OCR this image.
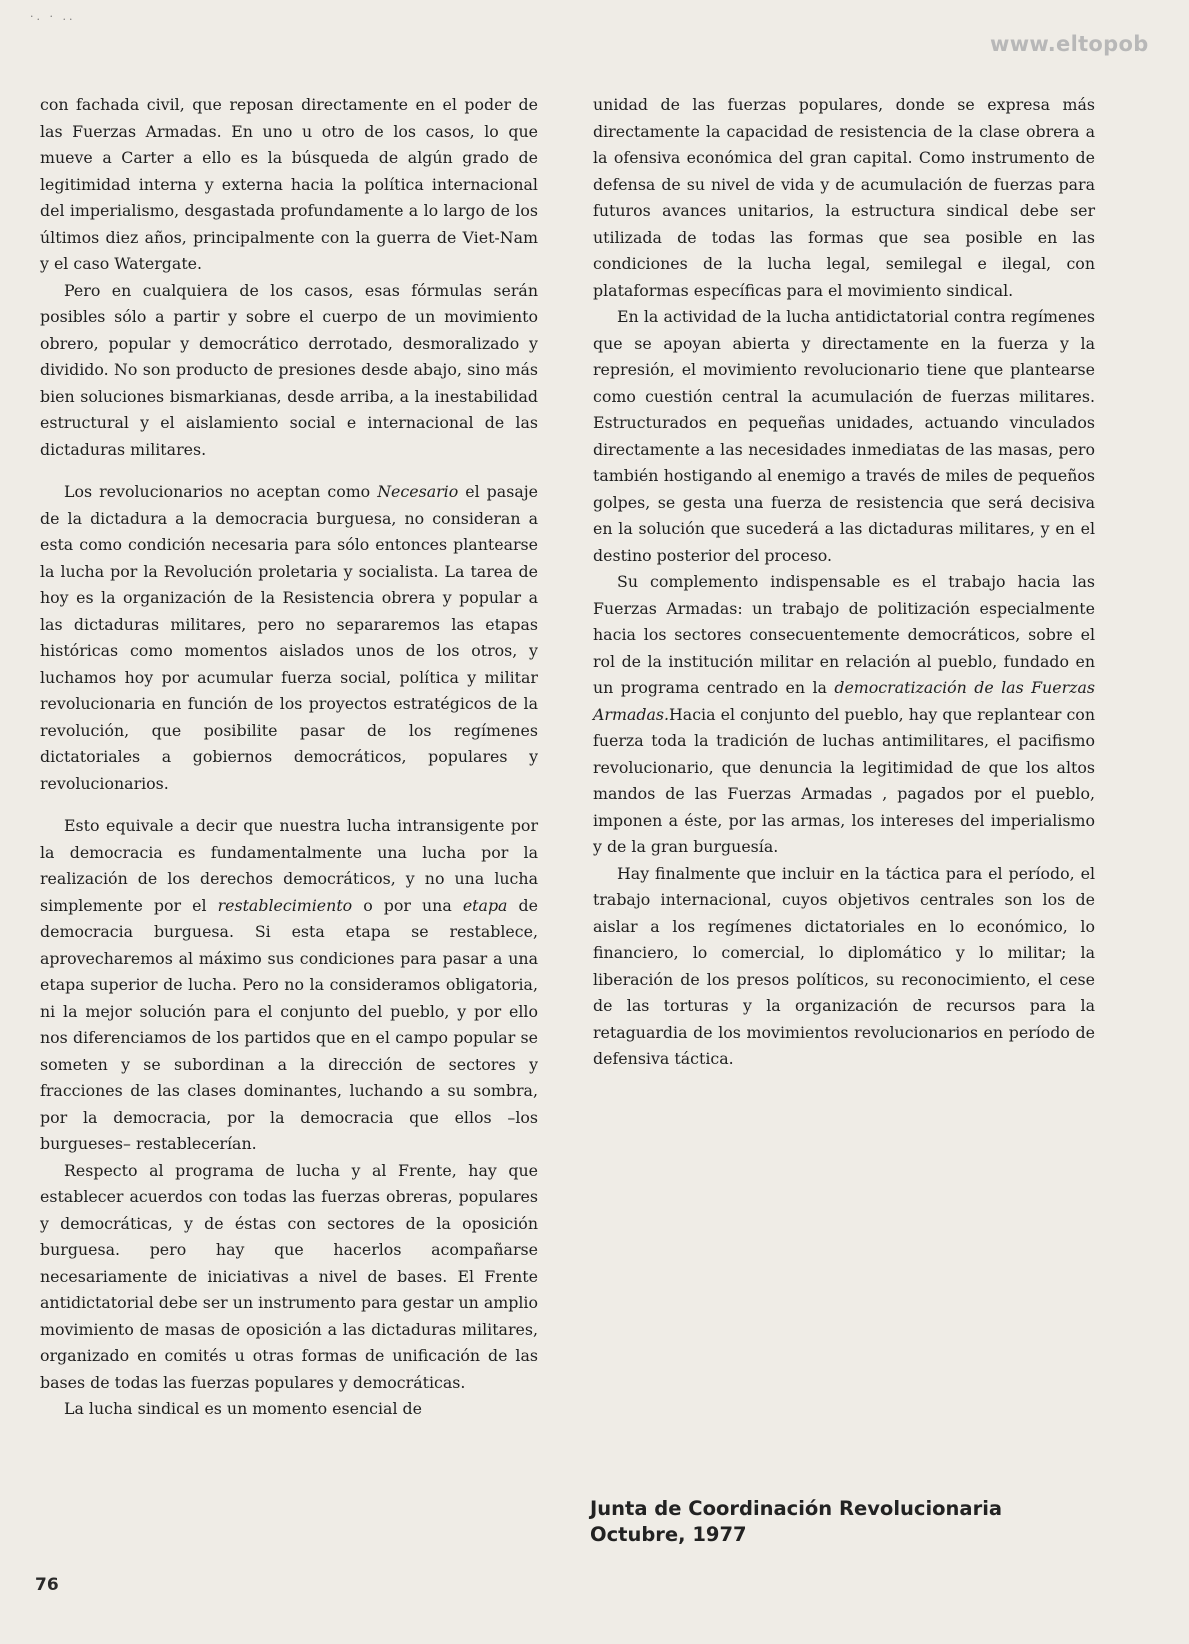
·. · ..
www.eltopob

con fachada civil, que reposan directamente en el poder de las Fuerzas Armadas. En uno u otro de los casos, lo que mueve a Carter a ello es la búsqueda de algún grado de legitimidad interna y externa hacia la política internacional del imperialismo, desgastada profundamente a lo largo de los últimos diez años, principalmente con la guerra de Viet-Nam y el caso Watergate.

Pero en cualquiera de los casos, esas fórmulas serán posibles sólo a partir y sobre el cuerpo de un movimiento obrero, popular y democrático derrotado, desmoralizado y dividido. No son producto de presiones desde abajo, sino más bien soluciones bismarkianas, desde arriba, a la inestabilidad estructural y el aislamiento social e internacional de las dictaduras militares.

Los revolucionarios no aceptan como Necesario el pasaje de la dictadura a la democracia burguesa, no consideran a esta como condición necesaria para sólo entonces plantearse la lucha por la Revolución proletaria y socialista. La tarea de hoy es la organización de la Resistencia obrera y popular a las dictaduras militares, pero no separaremos las etapas históricas como momentos aislados unos de los otros, y luchamos hoy por acumular fuerza social, política y militar revolucionaria en función de los proyectos estratégicos de la revolución, que posibilite pasar de los regímenes dictatoriales a gobiernos democráticos, populares y revolucionarios.

Esto equivale a decir que nuestra lucha intransigente por la democracia es fundamentalmente una lucha por la realización de los derechos democráticos, y no una lucha simplemente por el restablecimiento o por una etapa de democracia burguesa. Si esta etapa se restablece, aprovecharemos al máximo sus condiciones para pasar a una etapa superior de lucha. Pero no la consideramos obligatoria, ni la mejor solución para el conjunto del pueblo, y por ello nos diferenciamos de los partidos que en el campo popular se someten y se subordinan a la dirección de sectores y fracciones de las clases dominantes, luchando a su sombra, por la democracia, por la democracia que ellos –los burgueses– restablecerían.

Respecto al programa de lucha y al Frente, hay que establecer acuerdos con todas las fuerzas obreras, populares y democráticas, y de éstas con sectores de la oposición burguesa. pero hay que hacerlos acompañarse necesariamente de iniciativas a nivel de bases. El Frente antidictatorial debe ser un instrumento para gestar un amplio movimiento de masas de oposición a las dictaduras militares, organizado en comités u otras formas de unificación de las bases de todas las fuerzas populares y democráticas.

La lucha sindical es un momento esencial de

unidad de las fuerzas populares, donde se expresa más directamente la capacidad de resistencia de la clase obrera a la ofensiva económica del gran capital. Como instrumento de defensa de su nivel de vida y de acumulación de fuerzas para futuros avances unitarios, la estructura sindical debe ser utilizada de todas las formas que sea posible en las condiciones de la lucha legal, semilegal e ilegal, con plataformas específicas para el movimiento sindical.

En la actividad de la lucha antidictatorial contra regímenes que se apoyan abierta y directamente en la fuerza y la represión, el movimiento revolucionario tiene que plantearse como cuestión central la acumulación de fuerzas militares. Estructurados en pequeñas unidades, actuando vinculados directamente a las necesidades inmediatas de las masas, pero también hostigando al enemigo a través de miles de pequeños golpes, se gesta una fuerza de resistencia que será decisiva en la solución que sucederá a las dictaduras militares, y en el destino posterior del proceso.

Su complemento indispensable es el trabajo hacia las Fuerzas Armadas: un trabajo de politización especialmente hacia los sectores consecuentemente democráticos, sobre el rol de la institución militar en relación al pueblo, fundado en un programa centrado en la democratización de las Fuerzas Armadas.Hacia el conjunto del pueblo, hay que replantear con fuerza toda la tradición de luchas antimilitares, el pacifismo revolucionario, que denuncia la legitimidad de que los altos mandos de las Fuerzas Armadas , pagados por el pueblo, imponen a éste, por las armas, los intereses del imperialismo y de la gran burguesía.

Hay finalmente que incluir en la táctica para el período, el trabajo internacional, cuyos objetivos centrales son los de aislar a los regímenes dictatoriales en lo económico, lo financiero, lo comercial, lo diplomático y lo militar; la liberación de los presos políticos, su reconocimiento, el cese de las torturas y la organización de recursos para la retaguardia de los movimientos revolucionarios en período de defensiva táctica.

Junta de Coordinación Revolucionaria
Octubre, 1977
76
